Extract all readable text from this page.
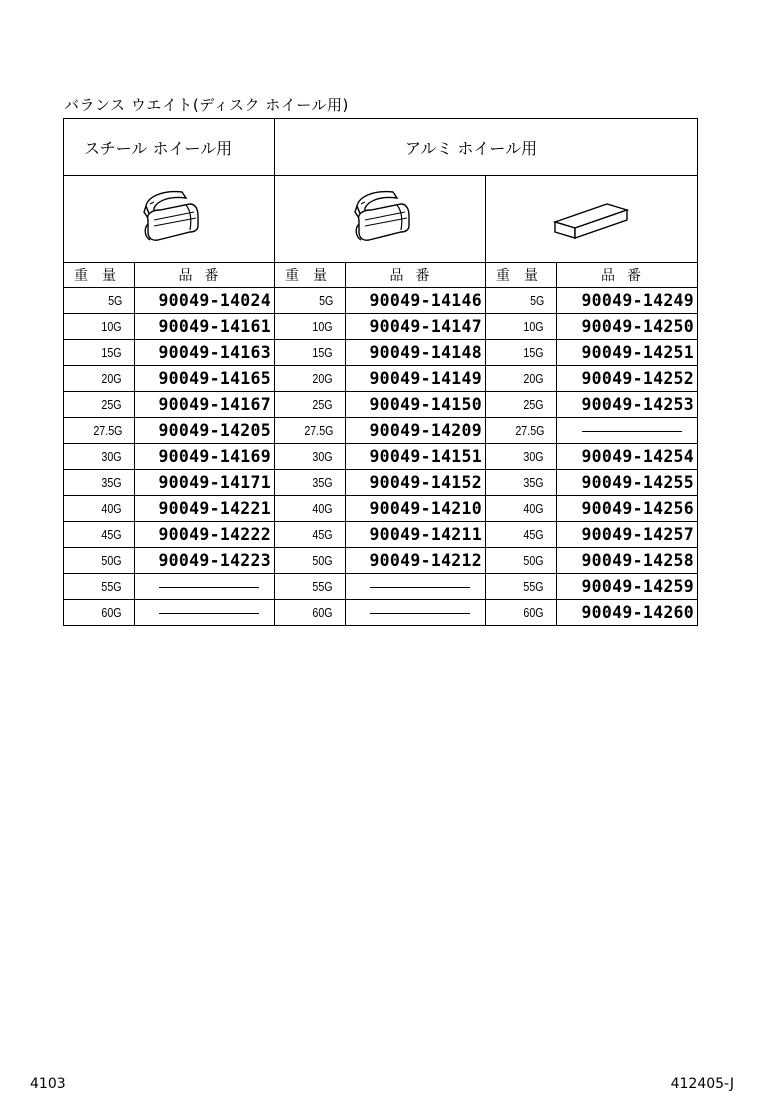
バランス ウエイト(ディスク ホイール用)
スチール ホイール用		アルミ ホイール用			

重量	品番	重量	品番	重量	品番
5G	90049-14024	5G	90049-14146	5G	90049-14249
10G	90049-14161	10G	90049-14147	10G	90049-14250
15G	90049-14163	15G	90049-14148	15G	90049-14251
20G	90049-14165	20G	90049-14149	20G	90049-14252
25G	90049-14167	25G	90049-14150	25G	90049-14253
27.5G	90049-14205	27.5G	90049-14209	27.5G	
30G	90049-14169	30G	90049-14151	30G	90049-14254
35G	90049-14171	35G	90049-14152	35G	90049-14255
40G	90049-14221	40G	90049-14210	40G	90049-14256
45G	90049-14222	45G	90049-14211	45G	90049-14257
50G	90049-14223	50G	90049-14212	50G	90049-14258
55G		55G		55G	90049-14259
60G		60G		60G	90049-14260
4103	412405-J
